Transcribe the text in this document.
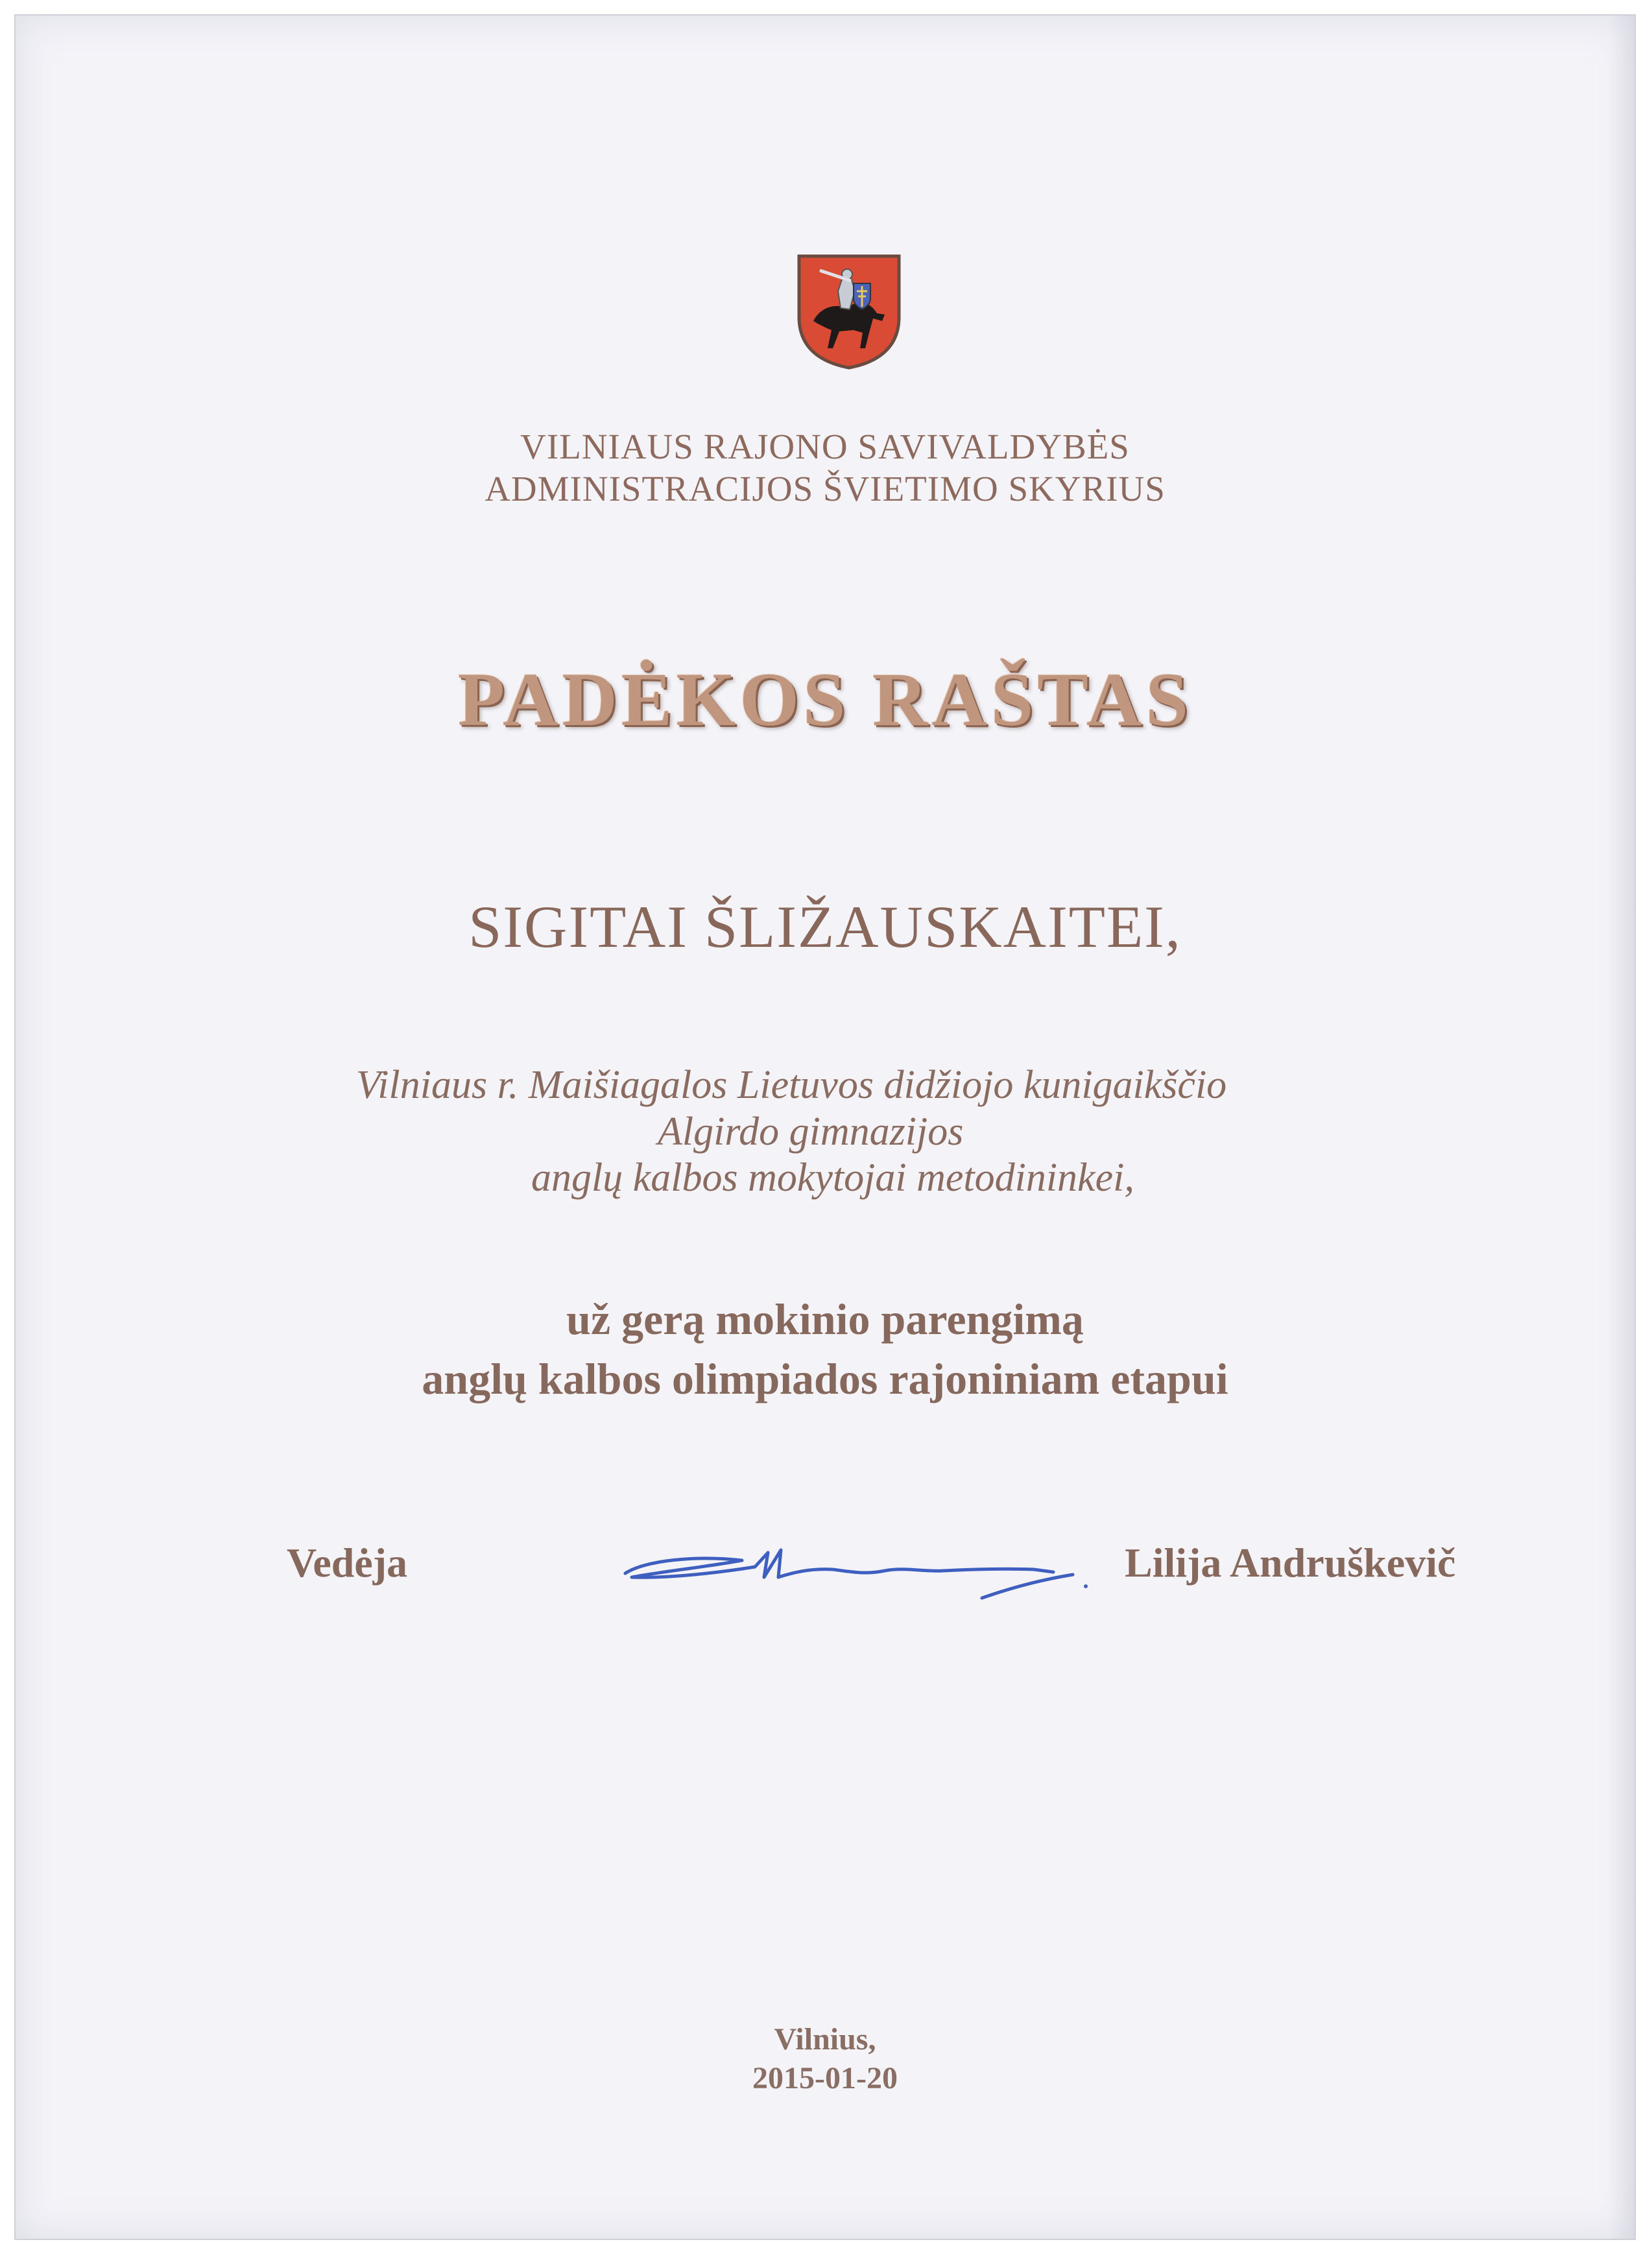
VILNIAUS RAJONO SAVIVALDYBĖS
ADMINISTRACIJOS ŠVIETIMO SKYRIUS
PADĖKOS RAŠTAS
SIGITAI ŠLIŽAUSKAITEI,
Vilniaus r. Maišiagalos Lietuvos didžiojo kunigaikščio
Algirdo gimnazijos
anglų kalbos mokytojai metodininkei,
už gerą mokinio parengimą
anglų kalbos olimpiados rajoniniam etapui
Vedėja	Lilija Andruškevič
Vilnius,
2015-01-20
